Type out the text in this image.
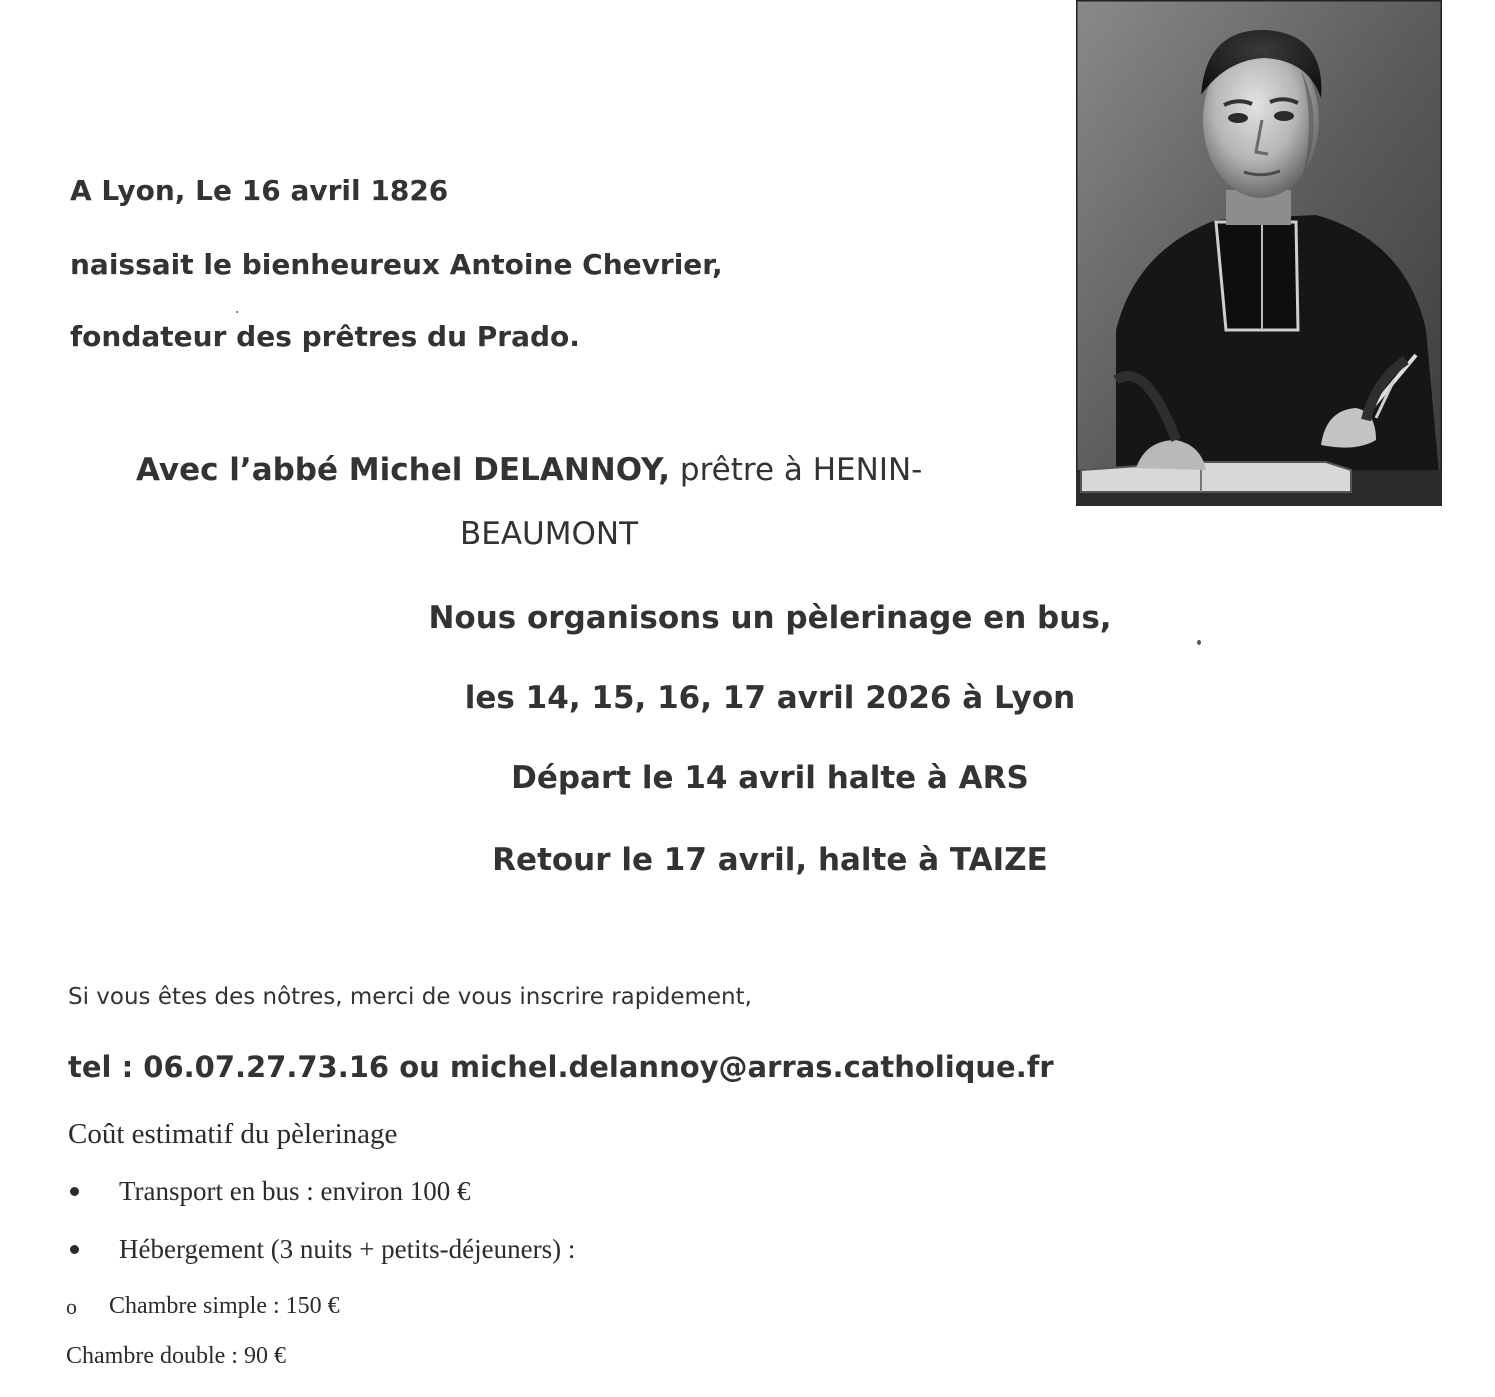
A Lyon, Le 16 avril 1826
naissait le bienheureux Antoine Chevrier,
fondateur des prêtres du Prado.
Avec l’abbé Michel DELANNOY, prêtre à HENIN-
BEAUMONT
Nous organisons un pèlerinage en bus,
les 14, 15, 16, 17 avril 2026 à Lyon
Départ le 14 avril halte à ARS
Retour le 17 avril, halte à TAIZE
Si vous êtes des nôtres, merci de vous inscrire rapidement,
tel : 06.07.27.73.16 ou michel.delannoy@arras.catholique.fr
Coût estimatif du pèlerinage
Transport en bus : environ 100 €
Hébergement (3 nuits + petits-déjeuners) :
o Chambre simple : 150 €
Chambre double : 90 €
